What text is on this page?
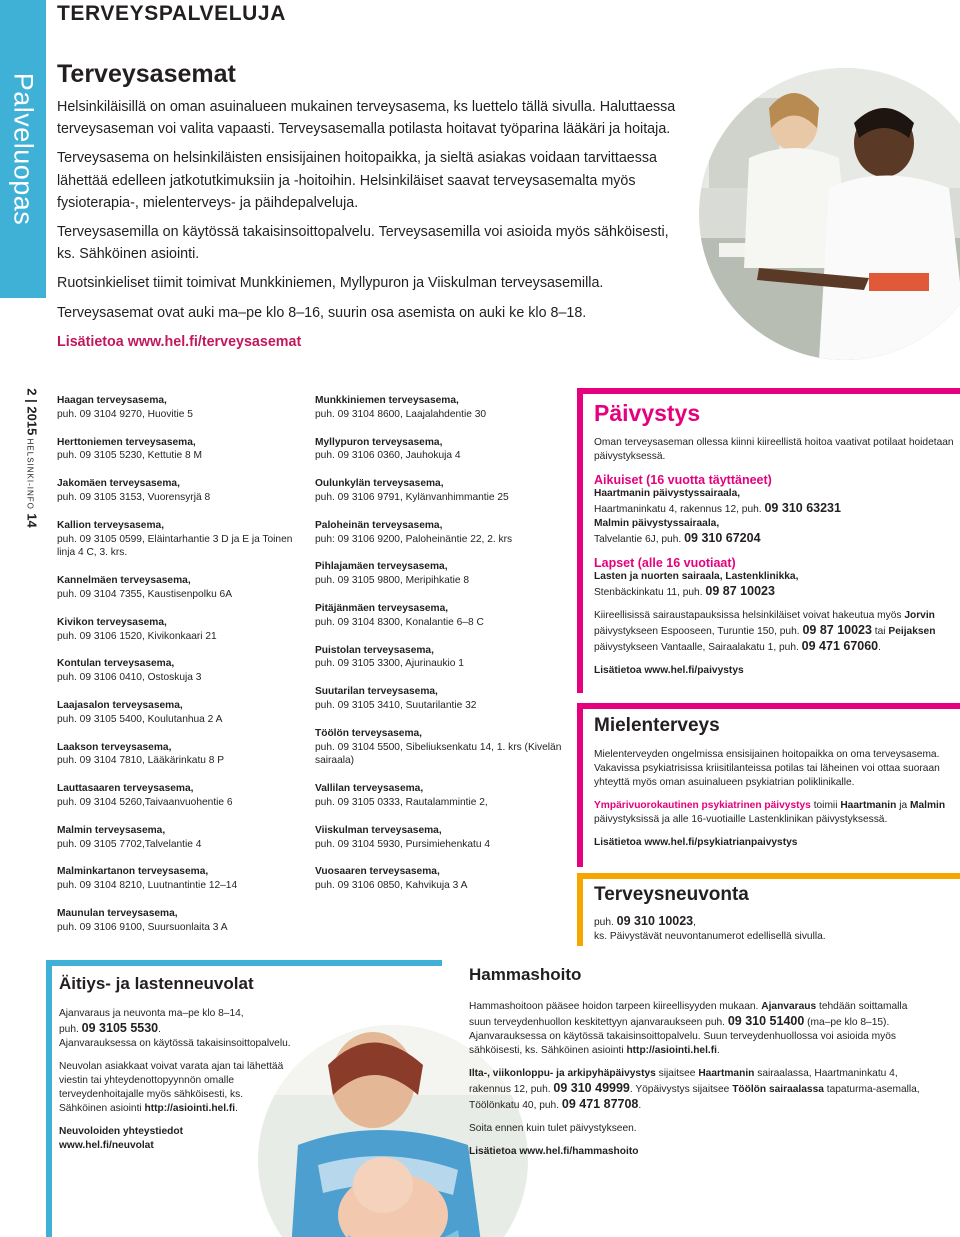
Palveluopas
TERVEYSPALVELUJA
Terveysasemat

Helsinkiläisillä on oman asuinalueen mukainen terveysasema, ks luettelo tällä sivulla. Haluttaessa terveysaseman voi valita vapaasti. Terveysasemalla potilasta hoitavat työparina lääkäri ja hoitaja.

Terveysasema on helsinkiläisten ensisijainen hoitopaikka, ja sieltä asiakas voidaan tarvittaessa lähettää edelleen jatkotutkimuksiin ja -hoitoihin. Helsinkiläiset saavat terveysasemalta myös fysioterapia-, mielenterveys- ja päihdepalveluja.

Terveysasemilla on käytössä takaisinsoittopalvelu. Terveysasemilla voi asioida myös sähköisesti, ks. Sähköinen asiointi.

Ruotsinkieliset tiimit toimivat Munkkiniemen, Myllypuron ja Viiskulman terveysasemilla.

Terveysasemat ovat auki ma–pe klo 8–16, suurin osa asemista on auki ke klo 8–18.

Lisätietoa www.hel.fi/terveysasemat

2 | 2015 HELSINKI-INFO 14
Haagan terveysasema,
puh. 09 3104 9270, Huovitie 5
Herttoniemen terveysasema,
puh. 09 3105 5230, Kettutie 8 M
Jakomäen terveysasema,
puh. 09 3105 3153, Vuorensyrjä 8
Kallion terveysasema,
puh. 09 3105 0599, Eläintarhantie 3 D ja E ja Toinen linja 4 C, 3. krs.
Kannelmäen terveysasema,
puh. 09 3104 7355, Kaustisenpolku 6A
Kivikon terveysasema,
puh. 09 3106 1520, Kivikonkaari 21
Kontulan terveysasema,
puh. 09 3106 0410, Ostoskuja 3
Laajasalon terveysasema,
puh. 09 3105 5400, Koulutanhua 2 A
Laakson terveysasema,
puh. 09 3104 7810, Lääkärinkatu 8 P
Lauttasaaren terveysasema,
puh. 09 3104 5260,Taivaanvuohentie 6
Malmin terveysasema,
puh. 09 3105 7702,Talvelantie 4
Malminkartanon terveysasema,
puh. 09 3104 8210, Luutnantintie 12–14
Maunulan terveysasema,
puh. 09 3106 9100, Suursuonlaita 3 A
Munkkiniemen terveysasema,
puh. 09 3104 8600, Laajalahdentie 30
Myllypuron terveysasema,
puh. 09 3106 0360, Jauhokuja 4
Oulunkylän terveysasema,
puh. 09 3106 9791, Kylänvanhimmantie 25
Paloheinän terveysasema,
puh: 09 3106 9200, Paloheinäntie 22, 2. krs
Pihlajamäen terveysasema,
puh. 09 3105 9800, Meripihkatie 8
Pitäjänmäen terveysasema,
puh. 09 3104 8300, Konalantie 6–8 C
Puistolan terveysasema,
puh. 09 3105 3300, Ajurinaukio 1
Suutarilan terveysasema,
puh. 09 3105 3410, Suutarilantie 32
Töölön terveysasema,
puh. 09 3104 5500, Sibeliuksenkatu 14, 1. krs (Kivelän sairaala)
Vallilan terveysasema,
puh. 09 3105 0333, Rautalammintie 2,
Viiskulman terveysasema,
puh. 09 3104 5930, Pursimiehenkatu 4
Vuosaaren terveysasema,
puh. 09 3106 0850, Kahvikuja 3 A
Päivystys

Oman terveysaseman ollessa kiinni kiireellistä hoitoa vaativat potilaat hoidetaan päivystyksessä.

Aikuiset (16 vuotta täyttäneet)
Haartmanin päivystyssairaala,
Haartmaninkatu 4, rakennus 12, puh. 09 310 63231
Malmin päivystyssairaala,
Talvelantie 6J, puh. 09 310 67204
Lapset (alle 16 vuotiaat)
Lasten ja nuorten sairaala, Lastenklinikka,

Stenbäckinkatu 11, puh. 09 87 10023

Kiireellisissä sairaustapauksissa helsinkiläiset voivat hakeutua myös Jorvin päivystykseen Espooseen, Turuntie 150, puh. 09 87 10023 tai Peijaksen päivystykseen Vantaalle, Sairaalakatu 1, puh. 09 471 67060.

Lisätietoa www.hel.fi/paivystys

Mielenterveys

Mielenterveyden ongelmissa ensisijainen hoitopaikka on oma terveysasema. Vakavissa psykiatrisissa kriisitilanteissa potilas tai läheinen voi ottaa suoraan yhteyttä myös oman asuinalueen psykiatrian poliklinikalle.

Ympärivuorokautinen psykiatrinen päivystys toimii Haartmanin ja Malmin päivystyksissä ja alle 16-vuotiaille Lastenklinikan päivystyksessä.

Lisätietoa www.hel.fi/psykiatrianpaivystys

Terveysneuvonta
puh. 09 310 10023,
ks. Päivystävät neuvontanumerot edellisellä sivulla.
Äitiys- ja lastenneuvolat
Ajanvaraus ja neuvonta ma–pe klo 8–14,
puh. 09 3105 5530.

Ajanvarauksessa on käytössä takaisinsoittopalvelu.

Neuvolan asiakkaat voivat varata ajan tai lähettää viestin tai yhteydenottopyynnön omalle terveydenhoitajalle myös sähköisesti, ks. Sähköinen asiointi http://asiointi.hel.fi.

Neuvoloiden yhteystiedot
www.hel.fi/neuvolat
Hammashoito

Hammashoitoon pääsee hoidon tarpeen kiireellisyyden mukaan. Ajanvaraus tehdään soittamalla suun terveydenhuollon keskitettyyn ajanvaraukseen puh. 09 310 51400 (ma–pe klo 8–15). Ajanvarauksessa on käytössä takaisinsoittopalvelu. Suun terveydenhuollossa voi asioida myös sähköisesti, ks. Sähköinen asiointi http://asiointi.hel.fi.

Ilta-, viikonloppu- ja arkipyhäpäivystys sijaitsee Haartmanin sairaalassa, Haartmaninkatu 4, rakennus 12, puh. 09 310 49999. Yöpäivystys sijaitsee Töölön sairaalassa tapaturma-asemalla, Töölönkatu 40, puh. 09 471 87708.

Soita ennen kuin tulet päivystykseen.

Lisätietoa www.hel.fi/hammashoito
